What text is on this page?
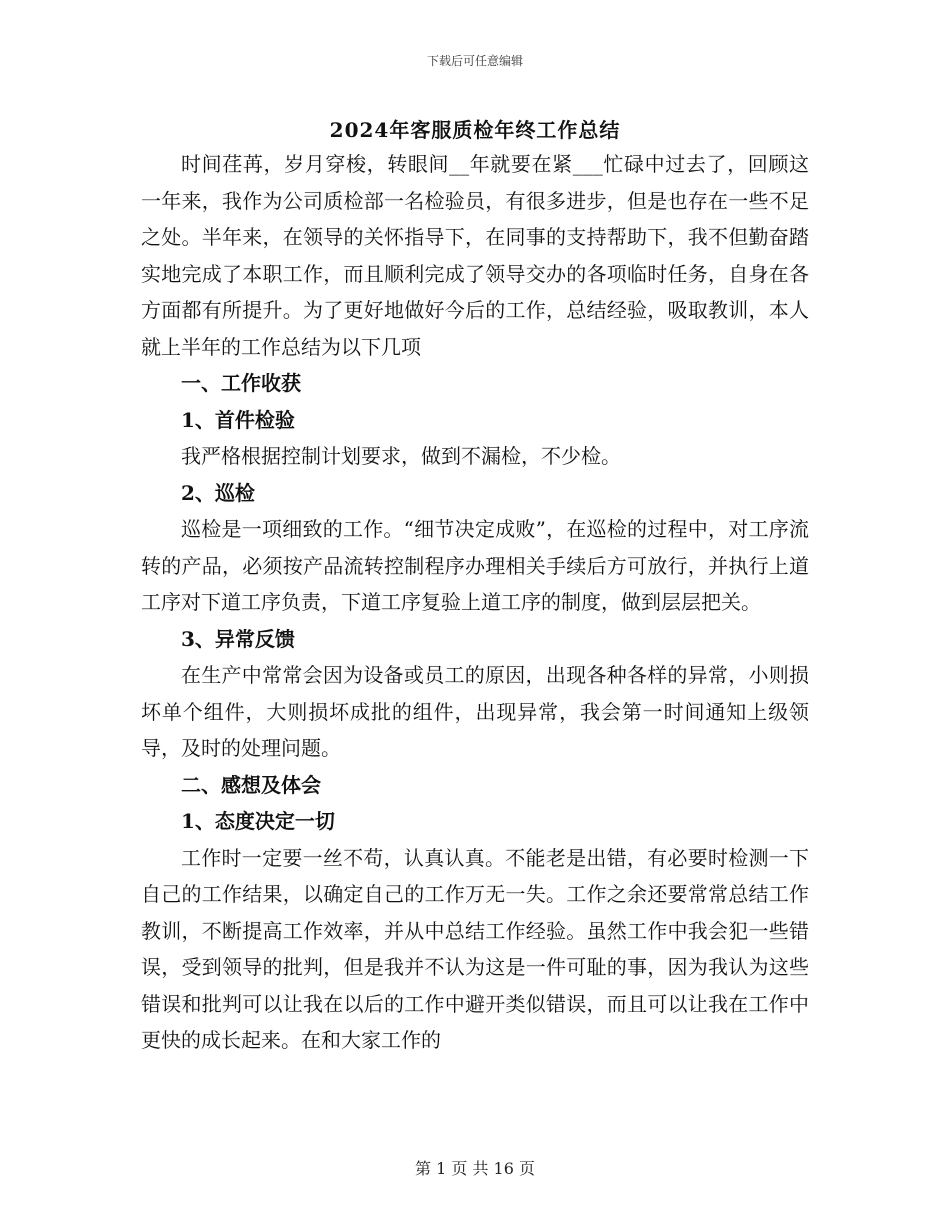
下载后可任意编辑
2024年客服质检年终工作总结

时间荏苒，岁月穿梭，转眼间__年就要在紧___忙碌中过去了，回顾这一年来，我作为公司质检部一名检验员，有很多进步，但是也存在一些不足之处。半年来，在领导的关怀指导下，在同事的支持帮助下，我不但勤奋踏实地完成了本职工作，而且顺利完成了领导交办的各项临时任务，自身在各方面都有所提升。为了更好地做好今后的工作，总结经验，吸取教训，本人就上半年的工作总结为以下几项

一、工作收获

1、首件检验

我严格根据控制计划要求，做到不漏检，不少检。

2、巡检

巡检是一项细致的工作。“细节决定成败”，在巡检的过程中，对工序流转的产品，必须按产品流转控制程序办理相关手续后方可放行，并执行上道工序对下道工序负责，下道工序复验上道工序的制度，做到层层把关。

3、异常反馈

在生产中常常会因为设备或员工的原因，出现各种各样的异常，小则损坏单个组件，大则损坏成批的组件，出现异常，我会第一时间通知上级领导，及时的处理问题。

二、感想及体会

1、态度决定一切

工作时一定要一丝不苟，认真认真。不能老是出错，有必要时检测一下自己的工作结果，以确定自己的工作万无一失。工作之余还要常常总结工作教训，不断提高工作效率，并从中总结工作经验。虽然工作中我会犯一些错误，受到领导的批判，但是我并不认为这是一件可耻的事，因为我认为这些错误和批判可以让我在以后的工作中避开类似错误，而且可以让我在工作中更快的成长起来。在和大家工作的

第 1 页 共 16 页
